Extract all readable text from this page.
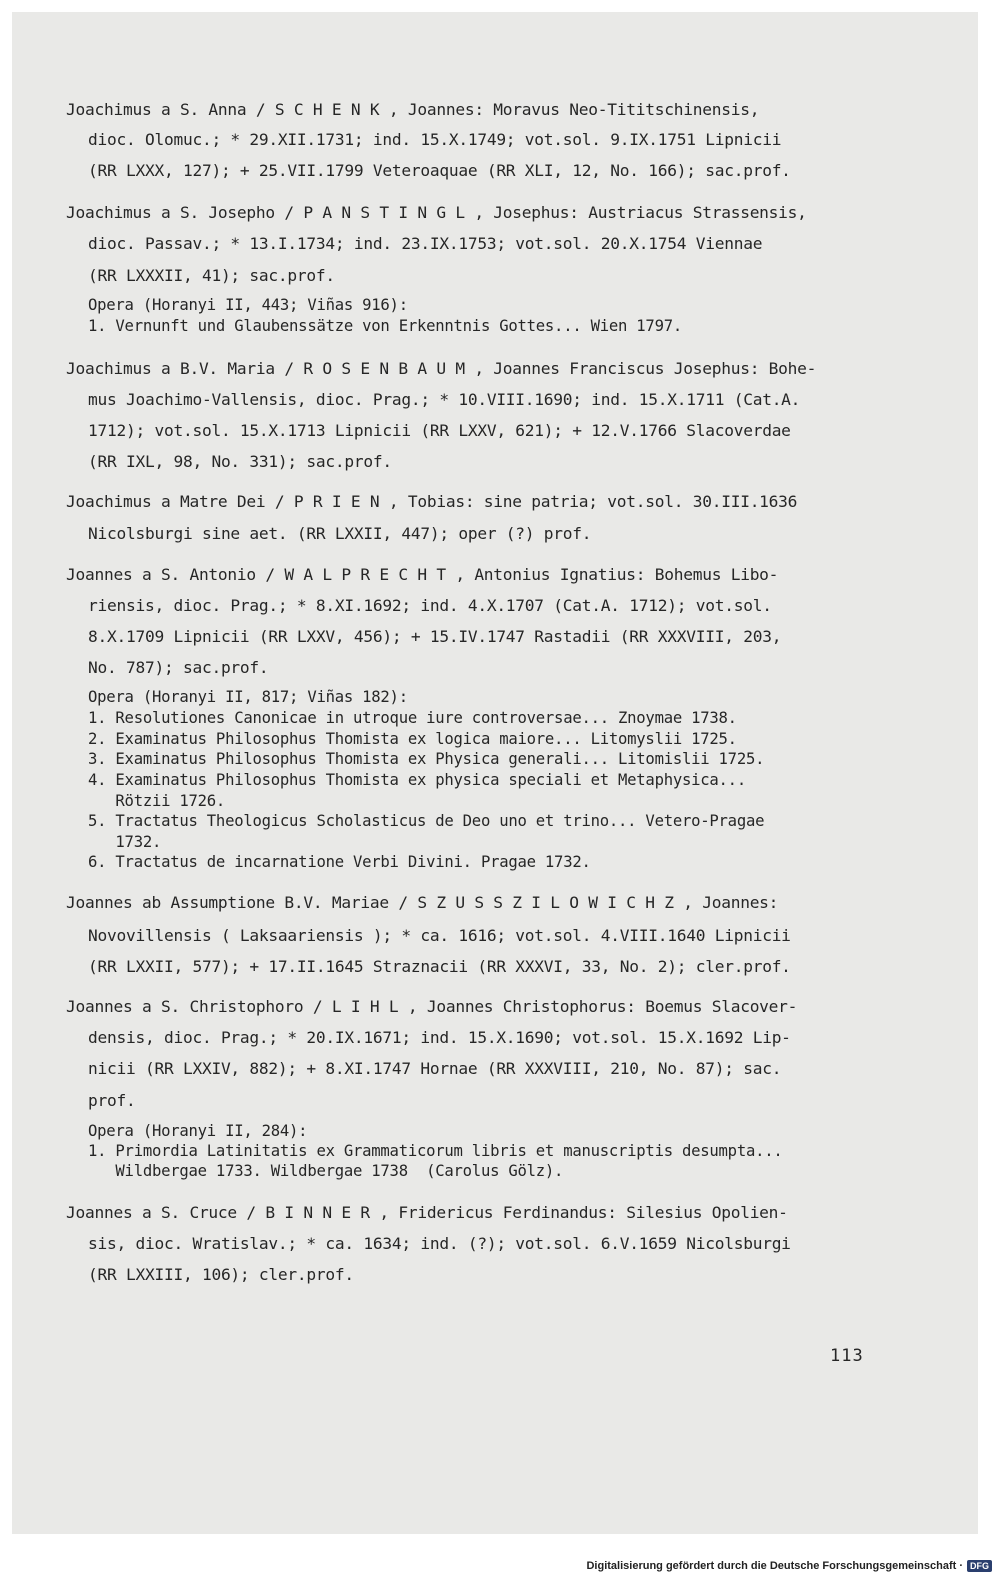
Joachimus a S. Anna / S C H E N K , Joannes: Moravus Neo-Tititschinensis,
dioc. Olomuc.; * 29.XII.1731; ind. 15.X.1749; vot.sol. 9.IX.1751 Lipnicii
(RR LXXX, 127); + 25.VII.1799 Veteroaquae (RR XLI, 12, No. 166); sac.prof.
Joachimus a S. Josepho / P A N S T I N G L , Josephus: Austriacus Strassensis,
dioc. Passav.; * 13.I.1734; ind. 23.IX.1753; vot.sol. 20.X.1754 Viennae
(RR LXXXII, 41); sac.prof.
Opera (Horanyi II, 443; Viñas 916):
1. Vernunft und Glaubenssätze von Erkenntnis Gottes... Wien 1797.
Joachimus a B.V. Maria / R O S E N B A U M , Joannes Franciscus Josephus: Bohe-
mus Joachimo-Vallensis, dioc. Prag.; * 10.VIII.1690; ind. 15.X.1711 (Cat.A.
1712); vot.sol. 15.X.1713 Lipnicii (RR LXXV, 621); + 12.V.1766 Slacoverdae
(RR IXL, 98, No. 331); sac.prof.
Joachimus a Matre Dei / P R I E N , Tobias: sine patria; vot.sol. 30.III.1636
Nicolsburgi sine aet. (RR LXXII, 447); oper (?) prof.
Joannes a S. Antonio / W A L P R E C H T , Antonius Ignatius: Bohemus Libo-
riensis, dioc. Prag.; * 8.XI.1692; ind. 4.X.1707 (Cat.A. 1712); vot.sol.
8.X.1709 Lipnicii (RR LXXV, 456); + 15.IV.1747 Rastadii (RR XXXVIII, 203,
No. 787); sac.prof.
Opera (Horanyi II, 817; Viñas 182):
1. Resolutiones Canonicae in utroque iure controversae... Znoymae 1738.
2. Examinatus Philosophus Thomista ex logica maiore... Litomyslii 1725.
3. Examinatus Philosophus Thomista ex Physica generali... Litomislii 1725.
4. Examinatus Philosophus Thomista ex physica speciali et Metaphysica...
Rötzii 1726.
5. Tractatus Theologicus Scholasticus de Deo uno et trino... Vetero-Pragae
1732.
6. Tractatus de incarnatione Verbi Divini. Pragae 1732.
Joannes ab Assumptione B.V. Mariae / S Z U S S Z I L O W I C H Z , Joannes:
Novovillensis ( Laksaariensis ); * ca. 1616; vot.sol. 4.VIII.1640 Lipnicii
(RR LXXII, 577); + 17.II.1645 Straznacii (RR XXXVI, 33, No. 2); cler.prof.
Joannes a S. Christophoro / L I H L , Joannes Christophorus: Boemus Slacover-
densis, dioc. Prag.; * 20.IX.1671; ind. 15.X.1690; vot.sol. 15.X.1692 Lip-
nicii (RR LXXIV, 882); + 8.XI.1747 Hornae (RR XXXVIII, 210, No. 87); sac.
prof.
Opera (Horanyi II, 284):
1. Primordia Latinitatis ex Grammaticorum libris et manuscriptis desumpta...
Wildbergae 1733. Wildbergae 1738  (Carolus Gölz).
Joannes a S. Cruce / B I N N E R , Fridericus Ferdinandus: Silesius Opolien-
sis, dioc. Wratislav.; * ca. 1634; ind. (?); vot.sol. 6.V.1659 Nicolsburgi
(RR LXXIII, 106); cler.prof.
113
Digitalisierung gefördert durch die Deutsche Forschungsgemeinschaft · DFG
